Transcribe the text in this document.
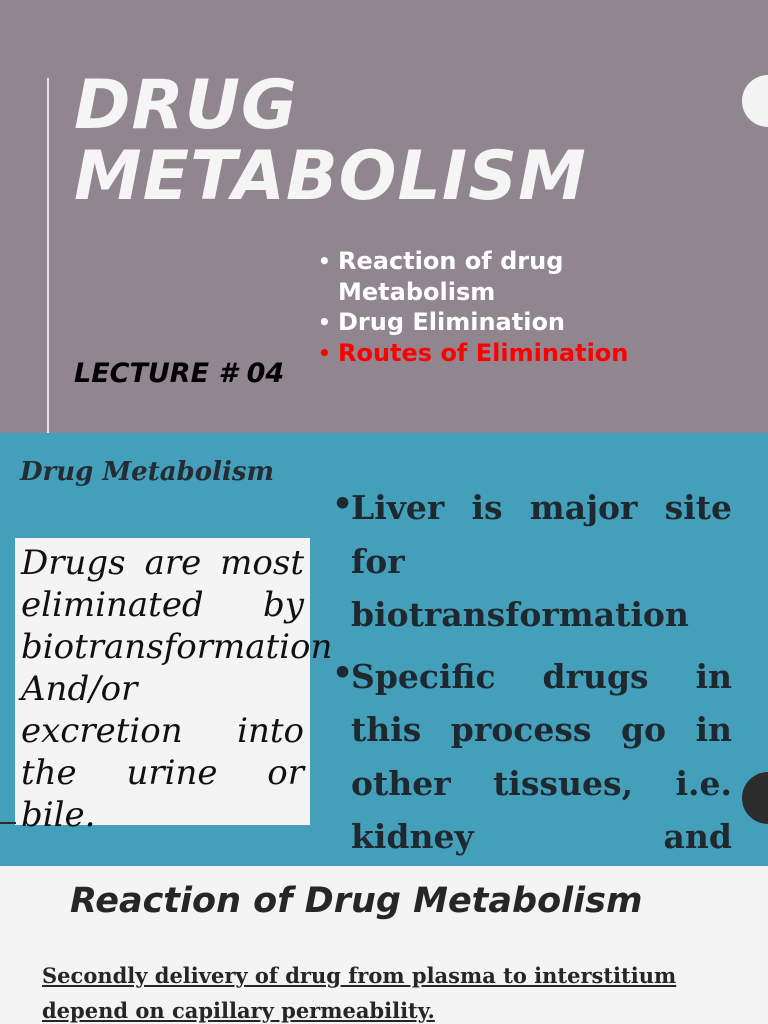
DRUG
METABOLISM
• Reaction of drug
Metabolism
• Drug Elimination
• Routes of Elimination
LECTURE # 04
Drug Metabolism

Drugs are most eliminated by biotransformation And/or excretion into the urine or bile.

• Liver is major site for biotransformation
• Specific drugs in this process go in other tissues, i.e. kidney and
Reaction of Drug Metabolism

Secondly delivery of drug from plasma to interstitium depend on capillary permeability.
